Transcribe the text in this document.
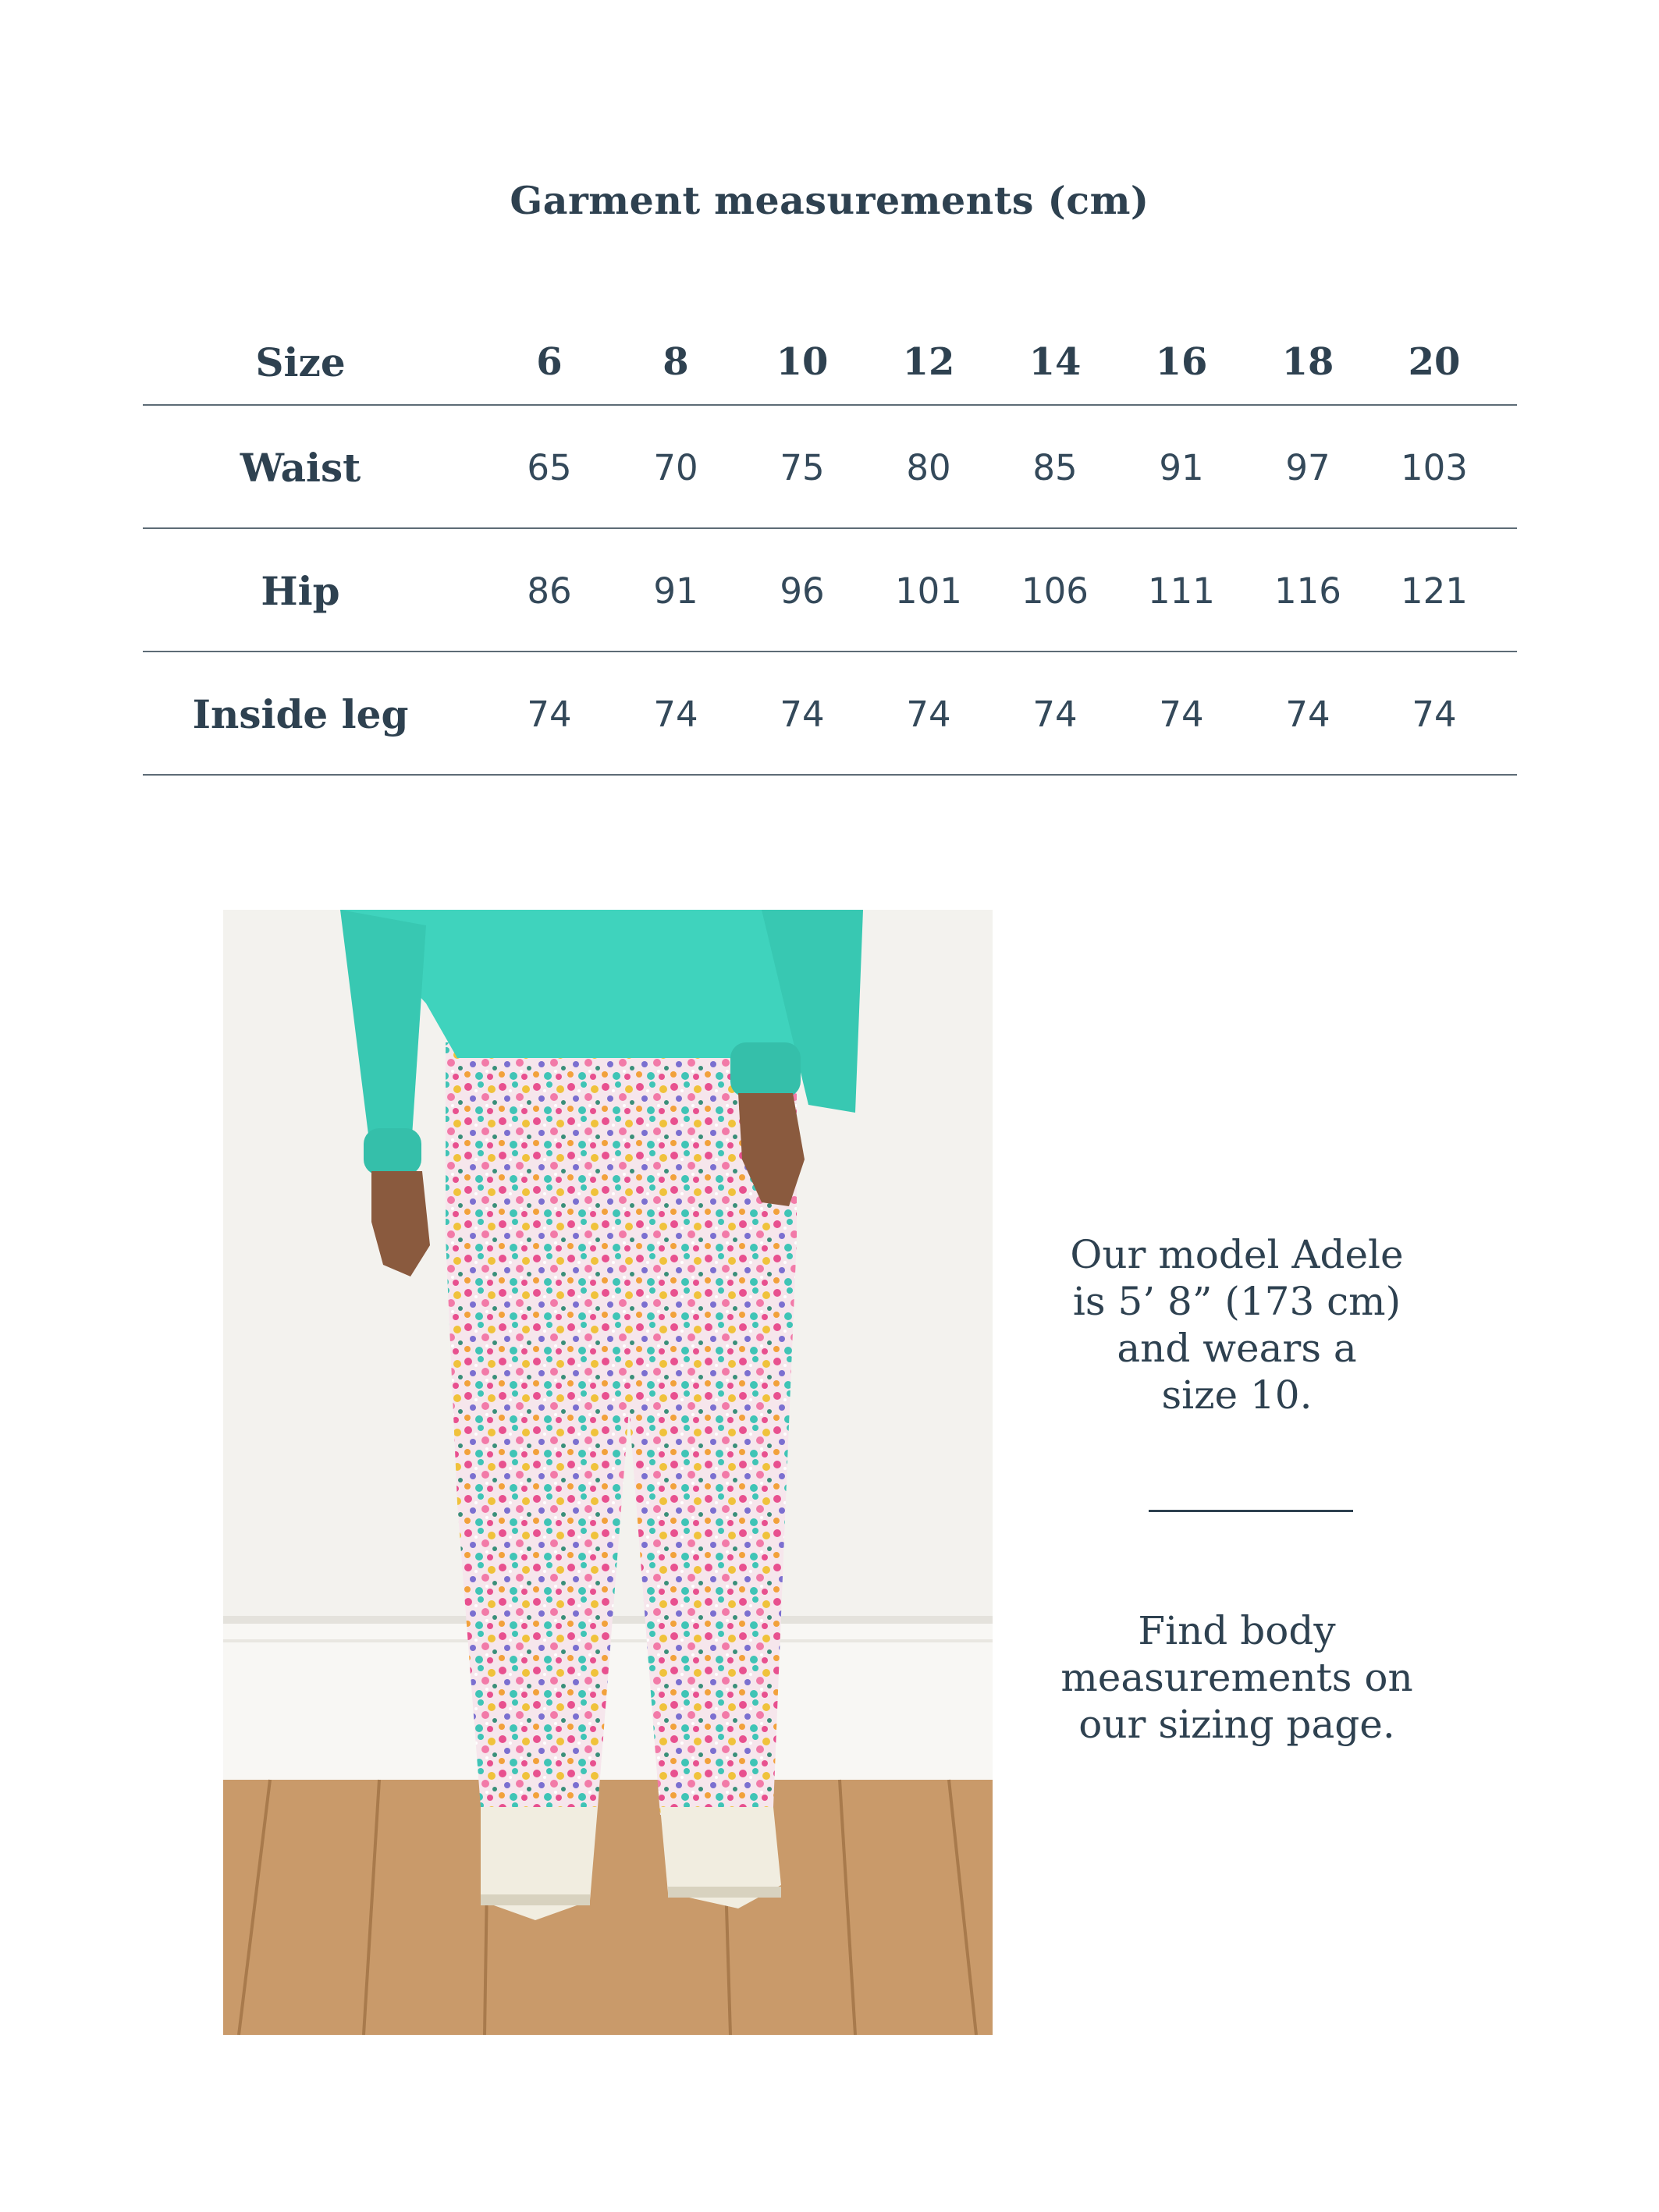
Garment measurements (cm)
Size	6	8	10	12	14	16	18	20
Waist	65	70	75	80	85	91	97	103
Hip	86	91	96	101	106	111	116	121
Inside leg	74	74	74	74	74	74	74	74
Our model Adele
is 5’ 8” (173 cm)
and wears a
size 10.
Find body
measurements on
our sizing page.
